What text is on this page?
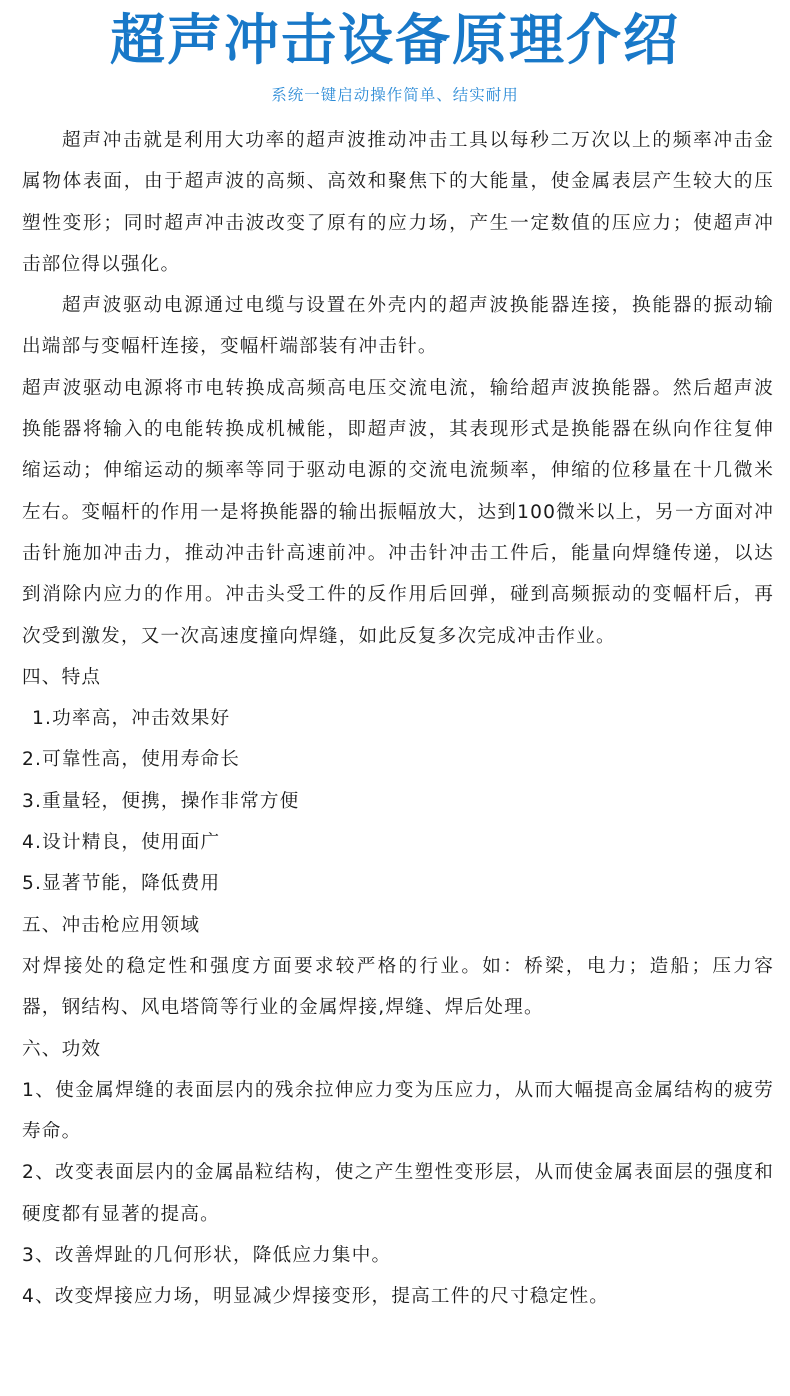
超声冲击设备原理介绍
系统一键启动操作简单、结实耐用

超声冲击就是利用大功率的超声波推动冲击工具以每秒二万次以上的频率冲击金属物体表面，由于超声波的高频、高效和聚焦下的大能量，使金属表层产生较大的压塑性变形；同时超声冲击波改变了原有的应力场，产生一定数值的压应力；使超声冲击部位得以强化。

超声波驱动电源通过电缆与设置在外壳内的超声波换能器连接，换能器的振动输出端部与变幅杆连接，变幅杆端部装有冲击针。

超声波驱动电源将市电转换成高频高电压交流电流，输给超声波换能器。然后超声波换能器将输入的电能转换成机械能，即超声波，其表现形式是换能器在纵向作往复伸缩运动；伸缩运动的频率等同于驱动电源的交流电流频率，伸缩的位移量在十几微米左右。变幅杆的作用一是将换能器的输出振幅放大，达到100微米以上，另一方面对冲击针施加冲击力，推动冲击针高速前冲。冲击针冲击工件后，能量向焊缝传递，以达到消除内应力的作用。冲击头受工件的反作用后回弹，碰到高频振动的变幅杆后，再次受到激发，又一次高速度撞向焊缝，如此反复多次完成冲击作业。

四、特点

1.功率高，冲击效果好

2.可靠性高，使用寿命长

3.重量轻，便携，操作非常方便

4.设计精良，使用面广

5.显著节能，降低费用

五、冲击枪应用领域

对焊接处的稳定性和强度方面要求较严格的行业。如：桥梁，电力；造船；压力容器，钢结构、风电塔筒等行业的金属焊接,焊缝、焊后处理。

六、功效

1、使金属焊缝的表面层内的残余拉伸应力变为压应力，从而大幅提高金属结构的疲劳寿命。

2、改变表面层内的金属晶粒结构，使之产生塑性变形层，从而使金属表面层的强度和硬度都有显著的提高。

3、改善焊趾的几何形状，降低应力集中。

4、改变焊接应力场，明显减少焊接变形，提高工件的尺寸稳定性。
